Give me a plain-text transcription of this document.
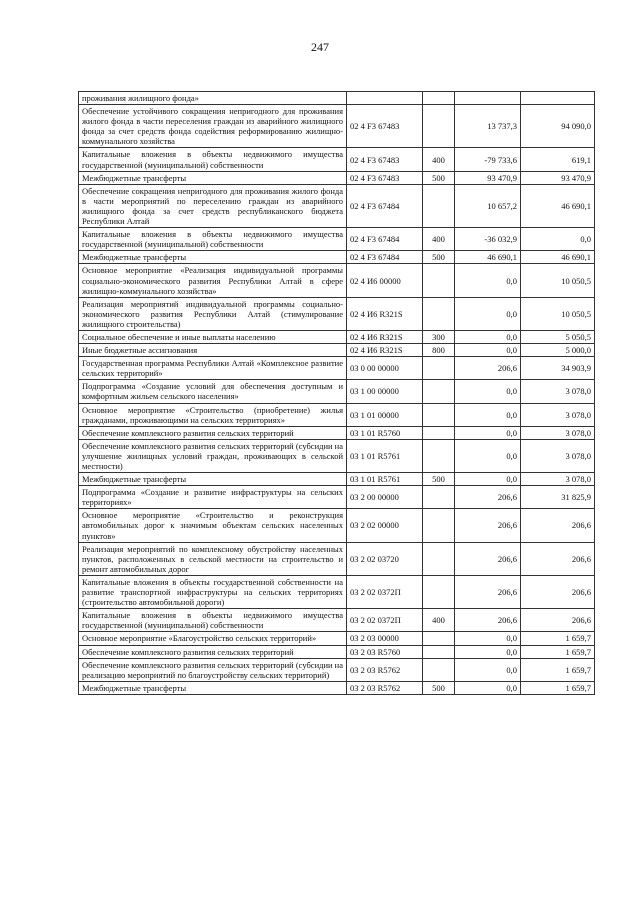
247
проживания жилищного фонда»				
Обеспечение устойчивого сокращения непригодного для проживания жилого фонда в части переселения граждан из аварийного жилищного фонда за счет средств фонда содействия реформированию жилищно-коммунального хозяйства	02 4 F3 67483		13 737,3	94 090,0
Капитальные вложения в объекты недвижимого имущества государственной (муниципальной) собственности	02 4 F3 67483	400	-79 733,6	619,1
Межбюджетные трансферты	02 4 F3 67483	500	93 470,9	93 470,9
Обеспечение сокращения непригодного для проживания жилого фонда в части мероприятий по переселению граждан из аварийного жилищного фонда за счет средств республиканского бюджета Республики Алтай	02 4 F3 67484		10 657,2	46 690,1
Капитальные вложения в объекты недвижимого имущества государственной (муниципальной) собственности	02 4 F3 67484	400	-36 032,9	0,0
Межбюджетные трансферты	02 4 F3 67484	500	46 690,1	46 690,1
Основное мероприятие «Реализация индивидуальной программы социально-экономического развития Республики Алтай в сфере жилищно-коммунального хозяйства»	02 4 И6 00000		0,0	10 050,5
Реализация мероприятий индивидуальной программы социально-экономического развития Республики Алтай (стимулирование жилищного строительства)	02 4 И6 R321S		0,0	10 050,5
Социальное обеспечение и иные выплаты населению	02 4 И6 R321S	300	0,0	5 050,5
Иные бюджетные ассигнования	02 4 И6 R321S	800	0,0	5 000,0
Государственная программа Республики Алтай «Комплексное развитие сельских территорий»	03 0 00 00000		206,6	34 903,9
Подпрограмма «Создание условий для обеспечения доступным и комфортным жильем сельского населения»	03 1 00 00000		0,0	3 078,0
Основное мероприятие «Строительство (приобретение) жилья гражданами, проживающими на сельских территориях»	03 1 01 00000		0,0	3 078,0
Обеспечение комплексного развития сельских территорий	03 1 01 R5760		0,0	3 078,0
Обеспечение комплексного развития сельских территорий (субсидии на улучшение жилищных условий граждан, проживающих в сельской местности)	03 1 01 R5761		0,0	3 078,0
Межбюджетные трансферты	03 1 01 R5761	500	0,0	3 078,0
Подпрограмма «Создание и развитие инфраструктуры на сельских территориях»	03 2 00 00000		206,6	31 825,9
Основное мероприятие «Строительство и реконструкция автомобильных дорог к значимым объектам сельских населенных пунктов»	03 2 02 00000		206,6	206,6
Реализация мероприятий по комплексному обустройству населенных пунктов, расположенных в сельской местности на строительство и ремонт автомобильных дорог	03 2 02 03720		206,6	206,6
Капитальные вложения в объекты государственной собственности на развитие транспортной инфраструктуры на сельских территориях (строительство автомобильной дороги)	03 2 02 0372П		206,6	206,6
Капитальные вложения в объекты недвижимого имущества государственной (муниципальной) собственности	03 2 02 0372П	400	206,6	206,6
Основное мероприятие «Благоустройство сельских территорий»	03 2 03 00000		0,0	1 659,7
Обеспечение комплексного развития сельских территорий	03 2 03 R5760		0,0	1 659,7
Обеспечение комплексного развития сельских территорий (субсидии на реализацию мероприятий по благоустройству сельских территорий)	03 2 03 R5762		0,0	1 659,7
Межбюджетные трансферты	03 2 03 R5762	500	0,0	1 659,7
